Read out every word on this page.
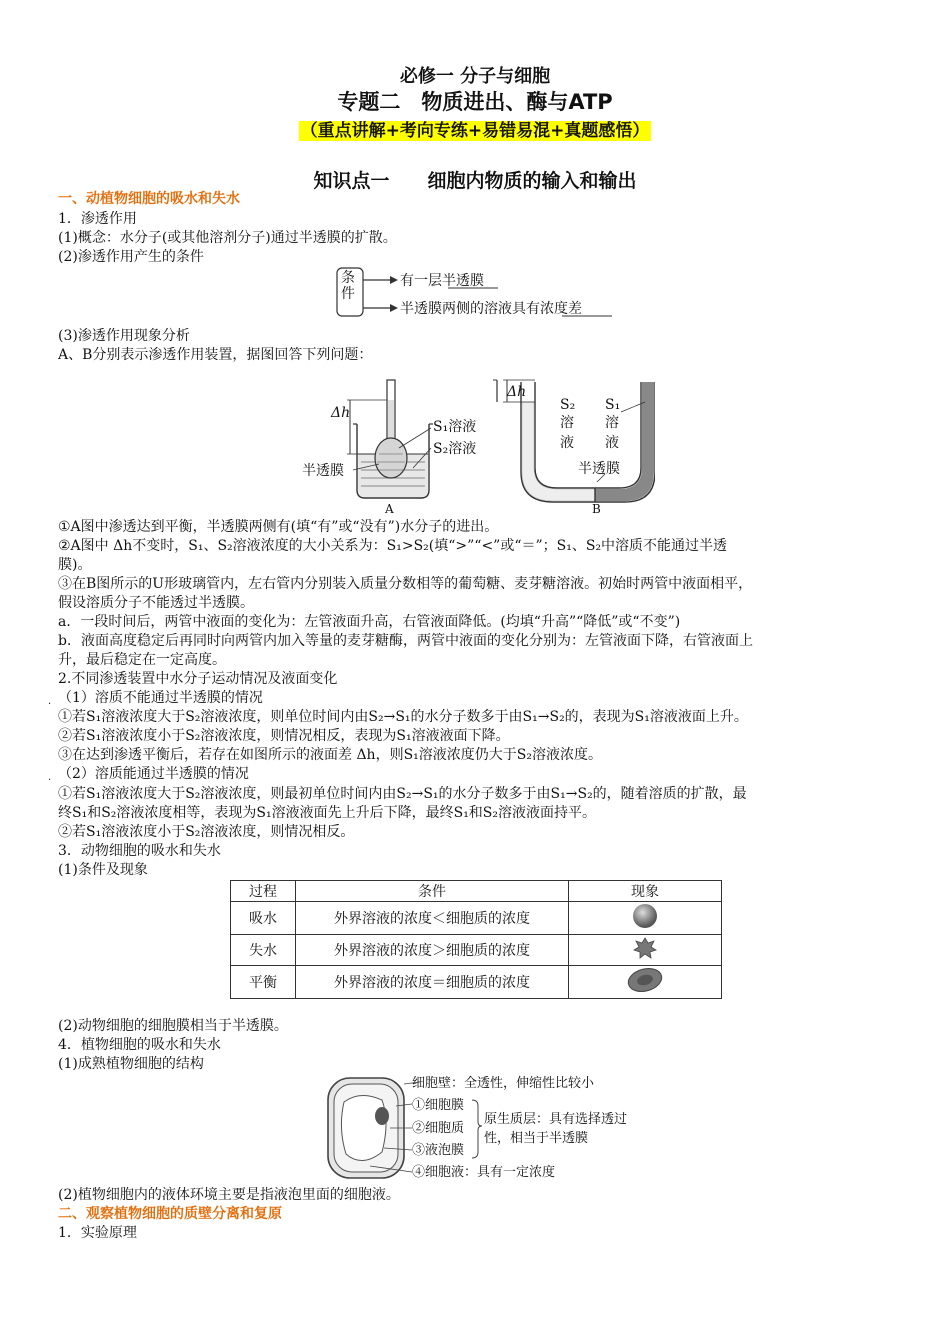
必修一 分子与细胞
专题二　物质进出、酶与ATP
（重点讲解+考向专练+易错易混+真题感悟）
知识点一　　细胞内物质的输入和输出
一、动植物细胞的吸水和失水
1．渗透作用
(1)概念：水分子(或其他溶剂分子)通过半透膜的扩散。
(2)渗透作用产生的条件
条件
有一层半透膜
半透膜两侧的溶液具有浓度差
(3)渗透作用现象分析
A、B分别表示渗透作用装置，据图回答下列问题：
Δh
S₁溶液
S₂溶液
半透膜
A
Δh
S₂
溶
液
S₁
溶
液
半透膜
B
①A图中渗透达到平衡，半透膜两侧有(填“有”或“没有”)水分子的进出。
②A图中 Δh不变时，S₁、S₂溶液浓度的大小关系为：S₁>S₂(填“>”“<”或“＝”；S₁、S₂中溶质不能通过半透
膜)。
③在B图所示的U形玻璃管内，左右管内分别装入质量分数相等的葡萄糖、麦芽糖溶液。初始时两管中液面相平，
假设溶质分子不能透过半透膜。
a．一段时间后，两管中液面的变化为：左管液面升高，右管液面降低。(均填“升高”“降低”或“不变”)
b．液面高度稳定后再同时向两管内加入等量的麦芽糖酶，两管中液面的变化分别为：左管液面下降，右管液面上
升，最后稳定在一定高度。
2.不同渗透装置中水分子运动情况及液面变化
. （1）溶质不能通过半透膜的情况
①若S₁溶液浓度大于S₂溶液浓度，则单位时间内由S₂→S₁的水分子数多于由S₁→S₂的，表现为S₁溶液液面上升。
②若S₁溶液浓度小于S₂溶液浓度，则情况相反，表现为S₁溶液液面下降。
③在达到渗透平衡后，若存在如图所示的液面差 Δh，则S₁溶液浓度仍大于S₂溶液浓度。
. （2）溶质能通过半透膜的情况
①若S₁溶液浓度大于S₂溶液浓度，则最初单位时间内由S₂→S₁的水分子数多于由S₁→S₂的，随着溶质的扩散，最
终S₁和S₂溶液浓度相等，表现为S₁溶液液面先上升后下降，最终S₁和S₂溶液液面持平。
②若S₁溶液浓度小于S₂溶液浓度，则情况相反。
3．动物细胞的吸水和失水
(1)条件及现象
过程	条件	现象
吸水	外界溶液的浓度＜细胞质的浓度	
失水	外界溶液的浓度＞细胞质的浓度	
平衡	外界溶液的浓度＝细胞质的浓度	
(2)动物细胞的细胞膜相当于半透膜。
4．植物细胞的吸水和失水
(1)成熟植物细胞的结构
细胞壁：全透性，伸缩性比较小
①细胞膜
②细胞质
③液泡膜
④细胞液：具有一定浓度
原生质层：具有选择透过
性，相当于半透膜
(2)植物细胞内的液体环境主要是指液泡里面的细胞液。
二、观察植物细胞的质壁分离和复原
1．实验原理
